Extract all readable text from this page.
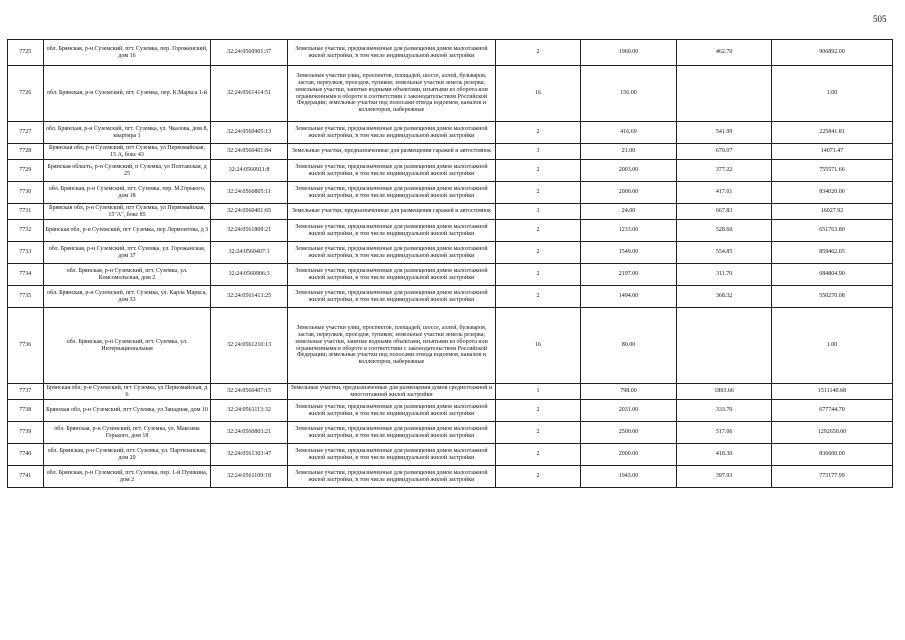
505
7725	обл. Брянская, р-н Суземский, пгт. Суземка, пер. Горожанский, дом 16	32:24:0560901:37	Земельные участки, предназначенные для размещения домов малоэтажной жилой застройки, в том числе индивидуальной жилой застройки	2	1960.00	462.70	906892.00
7726	обл. Брянская, р-н Суземский, пгт. Суземка, пер. К.Маркса 1-й	32:24:0561414:51	Земельные участки улиц, проспектов, площадей, шоссе, аллей, бульваров, застав, переулков, проездов, тупиков; земельные участки земель резерва; земельные участки, занятые водными объектами, изъятыми из оборота или ограниченными в обороте в соответствии с законодательством Российской Федерации; земельные участки под полосами отвода водоемов, каналов и коллекторов, набережные	16	156.00		1.00
7727	обл. Брянская, р-н Суземский, пгт. Суземка, ул. Чкалова, дом 8, квартира 1	32:24:0560405:13	Земельные участки, предназначенные для размещения домов малоэтажной жилой застройки, в том числе индивидуальной жилой застройки	2	416.69	541.99	225841.81
7728	Брянская обл, р-н Суземский, пгт Суземка, ул Первомайская, 15 А, бокс 43	32:24:0560401:84	Земельные участки, предназначенные для размещения гаражей и автостоянок	3	21.00	670.07	14071.47
7729	Брянская область, р-н Суземский, п Суземка, ул Полтавская, д 25	32:24:0560911:8	Земельные участки, предназначенные для размещения домов малоэтажной жилой застройки, в том числе индивидуальной жилой застройки	2	2003.00	377.22	755571.66
7730	обл. Брянская, р-н Суземский, пгт. Суземка, пер. М.Горького, дом 18	32:24:0560805:11	Земельные участки, предназначенные для размещения домов малоэтажной жилой застройки, в том числе индивидуальной жилой застройки	2	2000.00	417.01	834020.00
7731	Брянская обл, р-н Суземский, пгт Суземка, ул Первомайская, 15"А", бокс 85	32:24:0560401:65	Земельные участки, предназначенные для размещения гаражей и автостоянок	3	24.00	667.83	16027.92
7732	Брянская обл, р-н Суземский, пгт Суземка, пер Лермонтова, д 3	32:24:0561809:21	Земельные участки, предназначенные для размещения домов малоэтажной жилой застройки, в том числе индивидуальной жилой застройки	2	1233.00	528.60	651763.80
7733	обл. Брянская, р-н Суземский, пгт. Суземка, ул. Горожанская, дом 37	32:24:0560407:1	Земельные участки, предназначенные для размещения домов малоэтажной жилой застройки, в том числе индивидуальной жилой застройки	2	1549.00	554.85	859462.65
7734	обл. Брянская, р-н Суземский, пгт. Суземка, ул. Комсомольская, дом 2	32:24:0560906:3	Земельные участки, предназначенные для размещения домов малоэтажной жилой застройки, в том числе индивидуальной жилой застройки	2	2197.00	311.70	684804.90
7735	обл. Брянская, р-н Суземский, пгт. Суземка, ул. Карла Маркса, дом 33	32:24:0561413:25	Земельные участки, предназначенные для размещения домов малоэтажной жилой застройки, в том числе индивидуальной жилой застройки	2	1494.00	368.32	550270.08
7736	обл. Брянская, р-н Суземский, пгт. Суземка, ул. Интернациональная	32:24:0561210:13	Земельные участки улиц, проспектов, площадей, шоссе, аллей, бульваров, застав, переулков, проездов, тупиков; земельные участки земель резерва; земельные участки, занятые водными объектами, изъятыми из оборота или ограниченными в обороте в соответствии с законодательством Российской Федерации; земельные участки под полосами отвода водоемов, каналов и коллекторов, набережные	16	80.00		1.00
7737	Брянская обл, р-н Суземский, пгт Суземка, ул Первомайская, д 6	32:24:0560407:15	Земельные участки, предназначенные для размещения домов среднеэтажной и многоэтажной жилой застройки	1	798.00	1893.66	1511140.68
7738	Брянская обл, р-н Суземский, пгт Суземка, ул Западная, дом 10	32:24:0561113:32	Земельные участки, предназначенные для размещения домов малоэтажной жилой застройки, в том числе индивидуальной жилой застройки	2	2031.00	333.70	677744.70
7739	обл. Брянская, р-н Суземский, пгт. Суземка, ул. Максима Горького, дом 18	32:24:0560803:21	Земельные участки, предназначенные для размещения домов малоэтажной жилой застройки, в том числе индивидуальной жилой застройки	2	2500.00	517.06	1292650.00
7740	обл. Брянская, р-н Суземский, пгт. Суземка, ул. Партизанская, дом 20	32:24:0561303:47	Земельные участки, предназначенные для размещения домов малоэтажной жилой застройки, в том числе индивидуальной жилой застройки	2	2000.00	418.30	836600.00
7741	обл. Брянская, р-н Суземский, пгт. Суземка, пер. 1-й Пушкина, дом 2	32:24:0561109:18	Земельные участки, предназначенные для размещения домов малоэтажной жилой застройки, в том числе индивидуальной жилой застройки	2	1943.00	397.93	773177.99
